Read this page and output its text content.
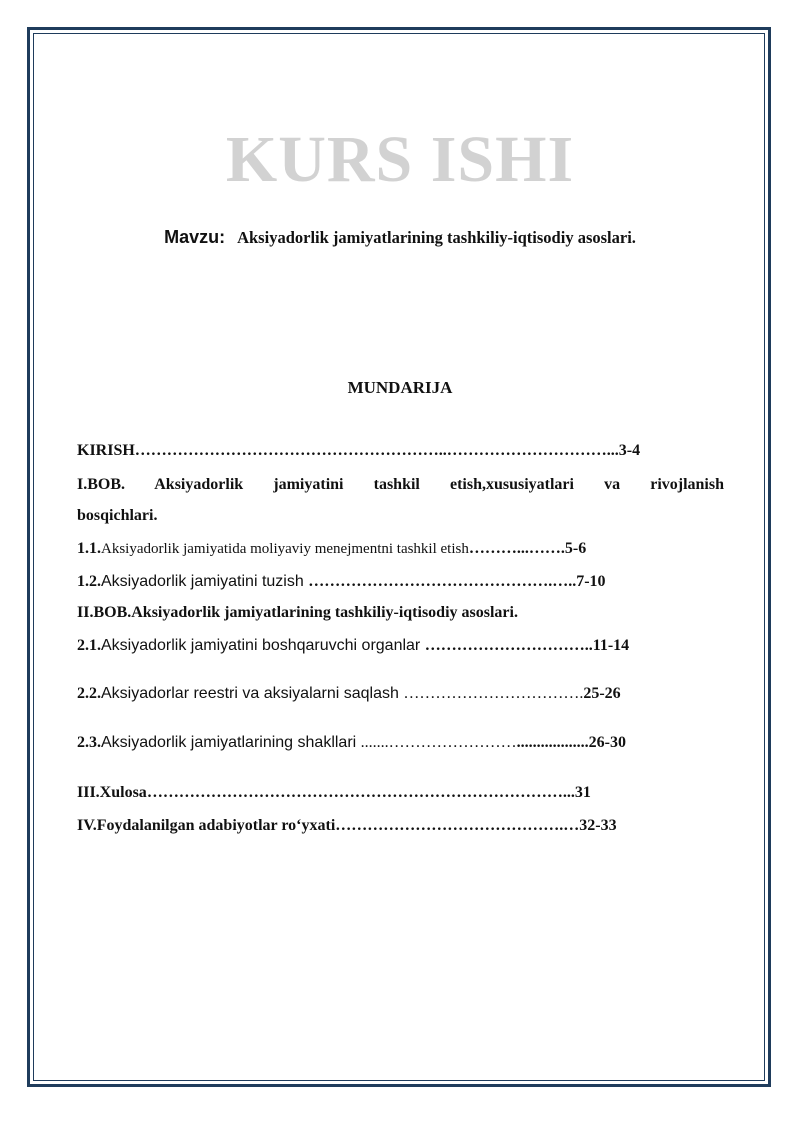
KURS ISHI
Mavzu: Aksiyadorlik jamiyatlarining tashkiliy-iqtisodiy asoslari.
MUNDARIJA
KIRISH…………………………………………………..…………………………...3-4
I.BOB. Aksiyadorlik jamiyatini tashkil etish,xususiyatlari va rivojlanish
bosqichlari.
1.1.Aksiyadorlik jamiyatida moliyaviy menejmentni tashkil etish………...…….5-6
1.2.Aksiyadorlik jamiyatini tuzish ……………………………………….…..7-10
II.BOB.Aksiyadorlik jamiyatlarining tashkiliy-iqtisodiy asoslari.
2.1.Aksiyadorlik jamiyatini boshqaruvchi organlar …………………………..11-14
2.2.Aksiyadorlar reestri va aksiyalarni saqlash …………………………….25-26
2.3.Aksiyadorlik jamiyatlarining shakllari .......……………………..................26-30
III.Xulosa……………………………………………………………………...31
IV.Foydalanilgan adabiyotlar ro‘yxati…………………………………….…32-33
